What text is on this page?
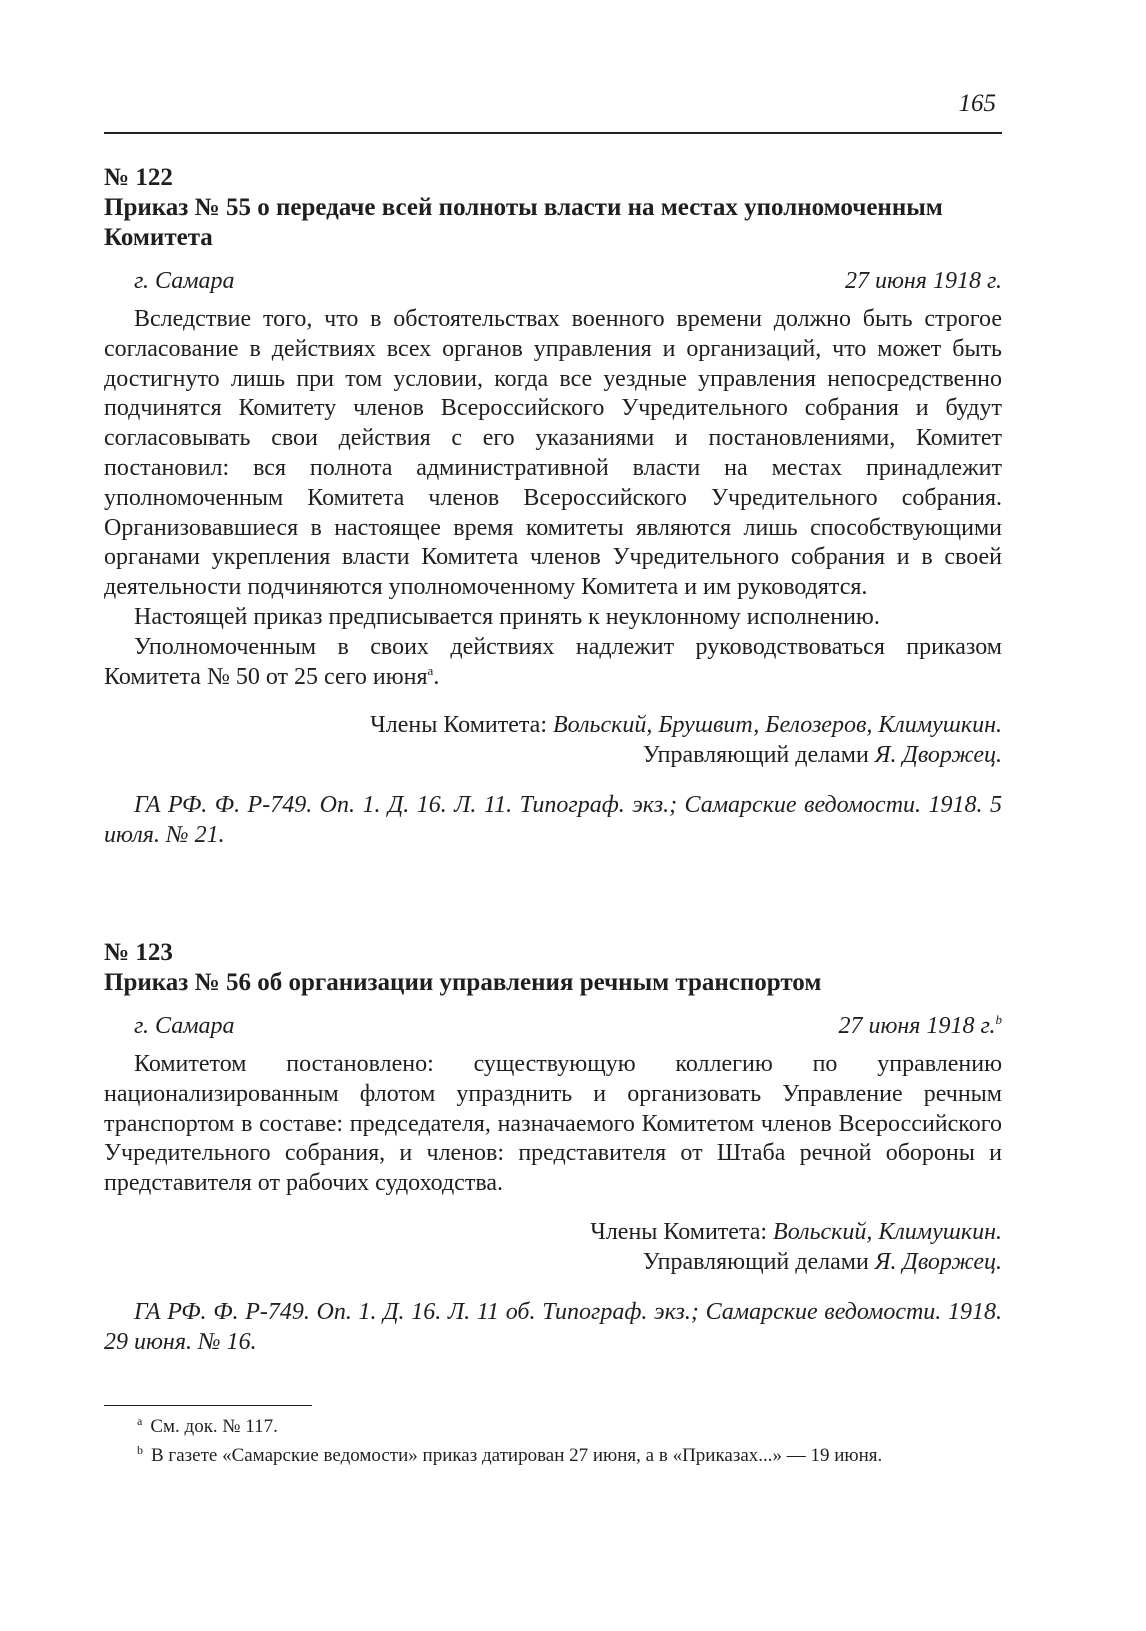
165
№ 122
Приказ № 55 о передаче всей полноты власти на местах уполномоченным
Комитета
г. Самара	27 июня 1918 г.

Вследствие того, что в обстоятельствах военного времени должно быть строгое согласование в действиях всех органов управления и организаций, что может быть достигнуто лишь при том условии, когда все уездные управления непосредственно подчинятся Комитету членов Всероссийского Учредительного собрания и будут согласовывать свои действия с его указаниями и постановлениями, Комитет постановил: вся полнота административной власти на местах принадлежит уполномоченным Комитета членов Всероссийского Учредительного собрания. Организовавшиеся в настоящее время комитеты являются лишь способствующими органами укрепления власти Комитета членов Учредительного собрания и в своей деятельности подчиняются уполномоченному Комитета и им руководятся.

Настоящей приказ предписывается принять к неуклонному исполнению.

Уполномоченным в своих действиях надлежит руководствоваться приказом Комитета № 50 от 25 сего июня$^a$.

Члены Комитета: Вольский, Брушвит, Белозеров, Климушкин.
Управляющий делами Я. Дворжец.

ГА РФ. Ф. Р-749. Оп. 1. Д. 16. Л. 11. Типограф. экз.; Самарские ведомости. 1918. 5 июля. № 21.

№ 123
Приказ № 56 об организации управления речным транспортом
г. Самара	27 июня 1918 г.$^b$

Комитетом постановлено: существующую коллегию по управлению национализированным флотом упразднить и организовать Управление речным транспортом в составе: председателя, назначаемого Комитетом членов Всероссийского Учредительного собрания, и членов: представителя от Штаба речной обороны и представителя от рабочих судоходства.

Члены Комитета: Вольский, Климушкин.
Управляющий делами Я. Дворжец.

ГА РФ. Ф. Р-749. Оп. 1. Д. 16. Л. 11 об. Типограф. экз.; Самарские ведомости. 1918. 29 июня. № 16.

$^a$ См. док. № 117.
$^b$ В газете «Самарские ведомости» приказ датирован 27 июня, а в «Приказах...» — 19 июня.
